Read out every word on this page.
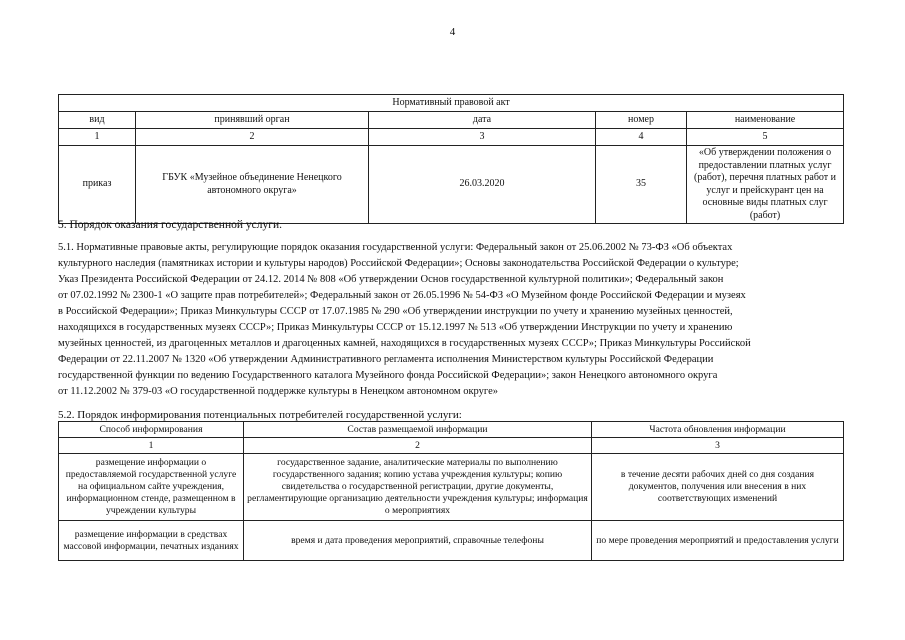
4
Нормативный правовой акт				
вид	принявший орган	дата	номер	наименование
1	2	3	4	5
приказ	ГБУК «Музейное объединение Ненецкого автономного округа»	26.03.2020	35	«Об утверждении положения о предоставлении платных услуг (работ), перечня платных работ и услуг и прейскурант цен на основные виды платных слуг (работ)
5. Порядок оказания государственной услуги.
5.1. Нормативные правовые акты, регулирующие порядок оказания государственной услуги: Федеральный закон от 25.06.2002 № 73-ФЗ «Об объектах
культурного наследия (памятниках истории и культуры народов) Российской Федерации»; Основы законодательства Российской Федерации о культуре;
Указ Президента Российской Федерации от 24.12. 2014 № 808 «Об утверждении Основ государственной культурной политики»; Федеральный закон
от 07.02.1992 № 2300-1 «О защите прав потребителей»; Федеральный закон от 26.05.1996 № 54-ФЗ «О Музейном фонде Российской Федерации и музеях
в Российской Федерации»; Приказ Минкультуры СССР от 17.07.1985 № 290 «Об утверждении инструкции по учету и хранению музейных ценностей,
находящихся в государственных музеях СССР»; Приказ Минкультуры СССР от 15.12.1997 № 513 «Об утверждении Инструкции по учету и хранению
музейных ценностей, из драгоценных металлов и драгоценных камней, находящихся в государственных музеях СССР»; Приказ Минкультуры Российской
Федерации от 22.11.2007 № 1320 «Об утверждении Административного регламента исполнения Министерством культуры Российской Федерации
государственной функции по ведению Государственного каталога Музейного фонда Российской Федерации»; закон Ненецкого автономного округа
от 11.12.2002 № 379-03 «О государственной поддержке культуры в Ненецком автономном округе»
5.2. Порядок информирования потенциальных потребителей государственной услуги:
Способ информирования	Состав размещаемой информации	Частота обновления информации
1	2	3
размещение информации о предоставляемой государственной услуге на официальном сайте учреждения, информационном стенде, размещенном в учреждении культуры	государственное задание, аналитические материалы по выполнению государственного задания; копию устава учреждения культуры; копию свидетельства о государственной регистрации, другие документы, регламентирующие организацию деятельности учреждения культуры; информация о мероприятиях	в течение десяти рабочих дней со дня создания документов, получения или внесения в них соответствующих изменений
размещение информации в средствах массовой информации, печатных изданиях	время и дата проведения мероприятий, справочные телефоны	по мере проведения мероприятий и предоставления услуги
